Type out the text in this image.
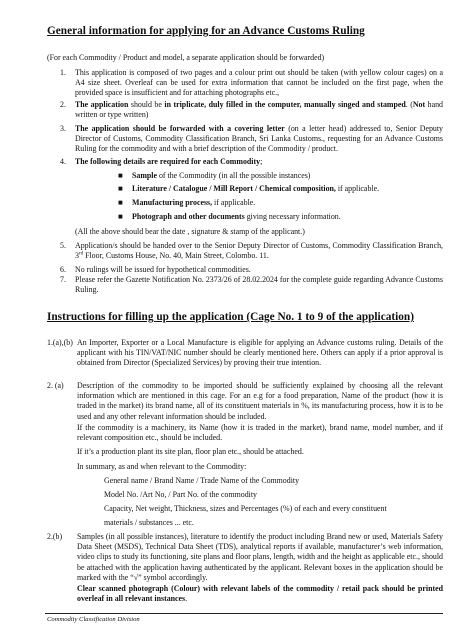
General information for applying for an Advance Customs Ruling
(For each Commodity / Product and model, a separate application should be forwarded)
1. This application is composed of two pages and a colour print out should be taken (with yellow colour cages) on a A4 size sheet. Overleaf can be used for extra information that cannot be included on the first page, when the provided space is insufficient and for attaching photographs etc.,
2. The application should be in triplicate, duly filled in the computer, manually singed and stamped. (Not hand written or type written)
3. The application should be forwarded with a covering letter (on a letter head) addressed to, Senior Deputy Director of Customs, Commodity Classification Branch, Sri Lanka Customs., requesting for an Advance Customs Ruling for the commodity and with a brief description of the Commodity / product.
4. The following details are required for each Commodity;
■ Sample of the Commodity (in all the possible instances)
■ Literature / Catalogue / Mill Report / Chemical composition, if applicable.
■ Manufacturing process, if applicable.
■ Photograph and other documents giving necessary information.
(All the above should bear the date , signature & stamp of the applicant.)
5. Application/s should be handed over to the Senior Deputy Director of Customs, Commodity Classification Branch, 3rd Floor, Customs House, No. 40, Main Street, Colombo. 11.
6. No rulings will be issued for hypothetical commodities.
7. Please refer the Gazette Notification No. 2373/26 of 28.02.2024 for the complete guide regarding Advance Customs Ruling.
Instructions for filling up the application (Cage No. 1 to 9 of the application)
1.(a),(b) An Importer, Exporter or a Local Manufacture is eligible for applying an Advance customs ruling. Details of the applicant with his TIN/VAT/NIC number should be clearly mentioned here. Others can apply if a prior approval is obtained from Director (Specialized Services) by proving their true intention.
2. (a) Description of the commodity to be imported should be sufficiently explained by choosing all the relevant information which are mentioned in this cage. For an e.g for a food preparation, Name of the product (how it is traded in the market) its brand name, all of its constituent materials in %, its manufacturing process, how it is to be used and any other relevant information should be included.
If the commodity is a machinery, its Name (how it is traded in the market), brand name, model number, and if relevant composition etc., should be included.
If it’s a production plant its site plan, floor plan etc., should be attached.
In summary, as and when relevant to the Commodity:
General name / Brand Name / Trade Name of the Commodity
Model No. /Art No, / Part No. of the commodity
Capacity, Net weight, Thickness, sizes and Percentages (%) of each and every constituent
materials / substances ... etc.
2.(b) Samples (in all possible instances), literature to identify the product including Brand new or used, Materials Safety Data Sheet (MSDS), Technical Data Sheet (TDS), analytical reports if available, manufacturer’s web information, video clips to study its functioning, site plans and floor plans, length, width and the height as applicable etc., should be attached with the application having authenticated by the applicant. Relevant boxes in the application should be marked with the “√” symbol accordingly.
Clear scanned photograph (Colour) with relevant labels of the commodity / retail pack should be printed overleaf in all relevant instances.
Commodity Classification Division
